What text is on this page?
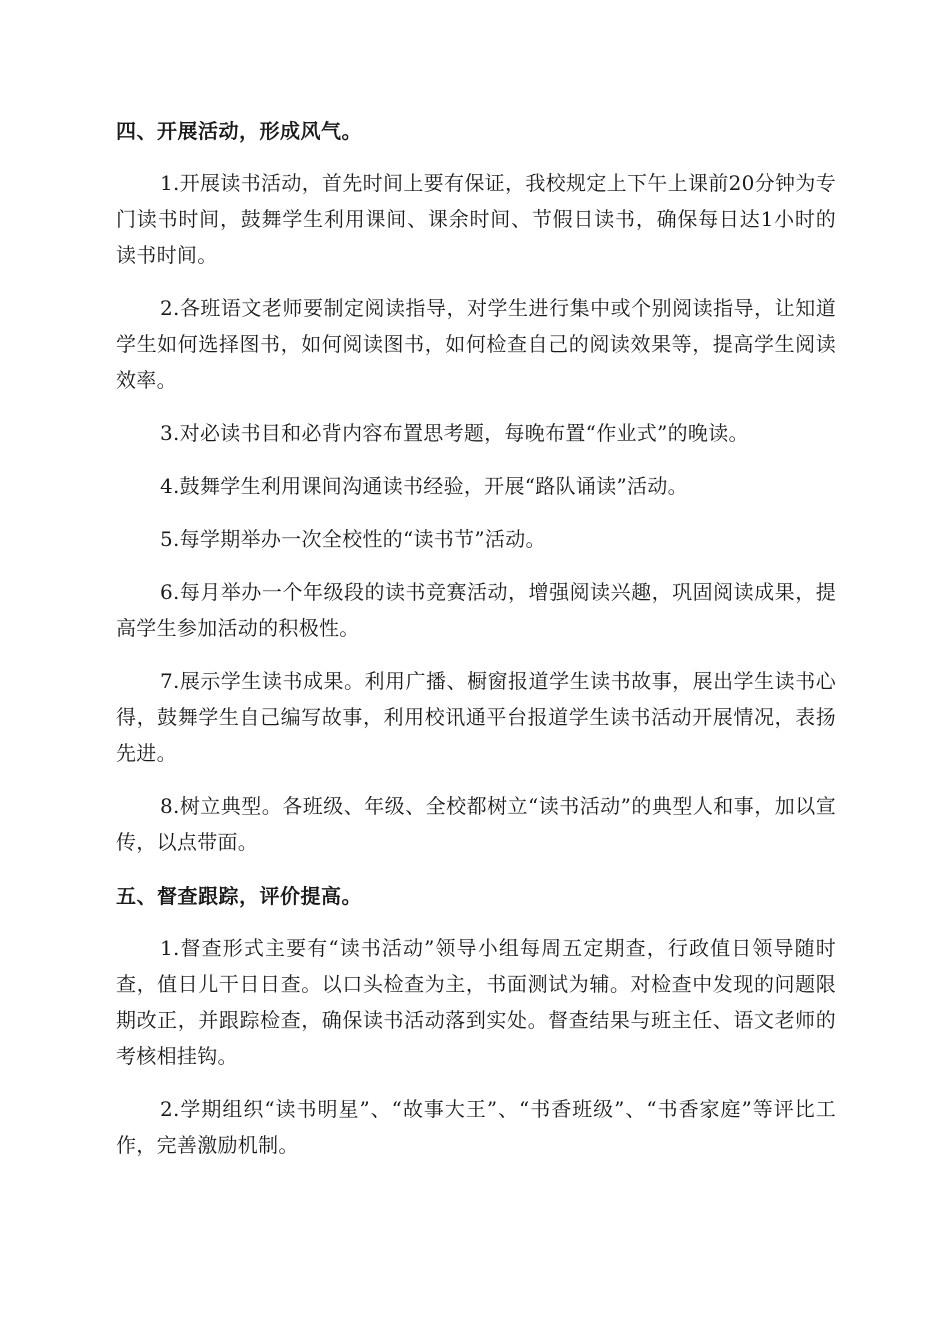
四、开展活动，形成风气。

1.开展读书活动，首先时间上要有保证，我校规定上下午上课前20分钟为专门读书时间，鼓舞学生利用课间、课余时间、节假日读书，确保每日达1小时的读书时间。

2.各班语文老师要制定阅读指导，对学生进行集中或个别阅读指导，让知道学生如何选择图书，如何阅读图书，如何检查自己的阅读效果等，提高学生阅读效率。

3.对必读书目和必背内容布置思考题，每晚布置“作业式”的晚读。

4.鼓舞学生利用课间沟通读书经验，开展“路队诵读”活动。

5.每学期举办一次全校性的“读书节”活动。

6.每月举办一个年级段的读书竞赛活动，增强阅读兴趣，巩固阅读成果，提高学生参加活动的积极性。

7.展示学生读书成果。利用广播、橱窗报道学生读书故事，展出学生读书心得，鼓舞学生自己编写故事，利用校讯通平台报道学生读书活动开展情况，表扬先进。

8.树立典型。各班级、年级、全校都树立“读书活动”的典型人和事，加以宣传，以点带面。

五、督查跟踪，评价提高。

1.督查形式主要有“读书活动”领导小组每周五定期查，行政值日领导随时查，值日儿干日日查。以口头检查为主，书面测试为辅。对检查中发现的问题限期改正，并跟踪检查，确保读书活动落到实处。督查结果与班主任、语文老师的考核相挂钩。

2.学期组织“读书明星”、“故事大王”、“书香班级”、“书香家庭”等评比工作，完善激励机制。
